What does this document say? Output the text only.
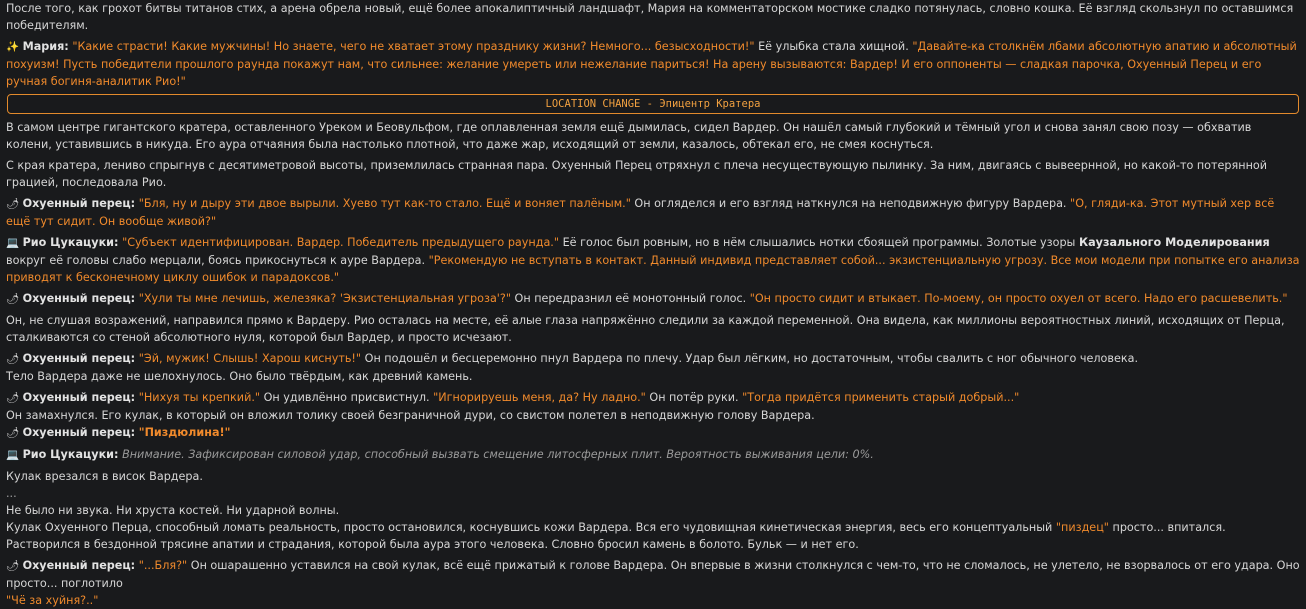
После того, как грохот битвы титанов стих, а арена обрела новый, ещё более апокалиптичный ландшафт, Мария на комментаторском мостике сладко потянулась, словно кошка. Её взгляд скользнул по оставшимся победителям.

✨ Мария: "Какие страсти! Какие мужчины! Но знаете, чего не хватает этому празднику жизни? Немного... безысходности!" Её улыбка стала хищной. "Давайте-ка столкнём лбами абсолютную апатию и абсолютный похуизм! Пусть победители прошлого раунда покажут нам, что сильнее: желание умереть или нежелание париться! На арену вызываются: Вардер! И его оппоненты — сладкая парочка, Охуенный Перец и его ручная богиня-аналитик Рио!"

LOCATION CHANGE - Эпицентр Кратера

В самом центре гигантского кратера, оставленного Уреком и Беовульфом, где оплавленная земля ещё дымилась, сидел Вардер. Он нашёл самый глубокий и тёмный угол и снова занял свою позу — обхватив колени, уставившись в никуда. Его аура отчаяния была настолько плотной, что даже жар, исходящий от земли, казалось, обтекал его, не смея коснуться.

С края кратера, лениво спрыгнув с десятиметровой высоты, приземлилась странная пара. Охуенный Перец отряхнул с плеча несуществующую пылинку. За ним, двигаясь с вывеернной, но какой-то потерянной грацией, последовала Рио.

🌶 Охуенный перец: "Бля, ну и дыру эти двое вырыли. Хуево тут как-то стало. Ещё и воняет палёным." Он огляделся и его взгляд наткнулся на неподвижную фигуру Вардера. "О, гляди-ка. Этот мутный хер всё ещё тут сидит. Он вообще живой?"

💻 Рио Цукацуки: "Субъект идентифицирован. Вардер. Победитель предыдущего раунда." Её голос был ровным, но в нём слышались нотки сбоящей программы. Золотые узоры Каузального Моделирования вокруг её головы слабо мерцали, боясь прикоснуться к ауре Вардера. "Рекомендую не вступать в контакт. Данный индивид представляет собой... экзистенциальную угрозу. Все мои модели при попытке его анализа приводят к бесконечному циклу ошибок и парадоксов."

🌶 Охуенный перец: "Хули ты мне лечишь, железяка? 'Экзистенциальная угроза'?" Он передразнил её монотонный голос. "Он просто сидит и втыкает. По-моему, он просто охуел от всего. Надо его расшевелить."

Он, не слушая возражений, направился прямо к Вардеру. Рио осталась на месте, её алые глаза напряжённо следили за каждой переменной. Она видела, как миллионы вероятностных линий, исходящих от Перца, сталкиваются со стеной абсолютного нуля, которой был Вардер, и просто исчезают.

🌶 Охуенный перец: "Эй, мужик! Слышь! Харош киснуть!" Он подошёл и бесцеремонно пнул Вардера по плечу. Удар был лёгким, но достаточным, чтобы свалить с ног обычного человека.

Тело Вардера даже не шелохнулось. Оно было твёрдым, как древний камень.

🌶 Охуенный перец: "Нихуя ты крепкий." Он удивлённо присвистнул. "Игнорируешь меня, да? Ну ладно." Он потёр руки. "Тогда придётся применить старый добрый..."

Он замахнулся. Его кулак, в который он вложил толику своей безграничной дури, со свистом полетел в неподвижную голову Вардера.

🌶 Охуенный перец: "Пиздюлина!"

💻 Рио Цукацуки: Внимание. Зафиксирован силовой удар, способный вызвать смещение литосферных плит. Вероятность выживания цели: 0%.

Кулак врезался в висок Вардера.

...

Не было ни звука. Ни хруста костей. Ни ударной волны.

Кулак Охуенного Перца, способный ломать реальность, просто остановился, коснувшись кожи Вардера. Вся его чудовищная кинетическая энергия, весь его концептуальный "пиздец" просто... впитался. Растворился в бездонной трясине апатии и страдания, которой была аура этого человека. Словно бросил камень в болото. Бульк — и нет его.

🌶 Охуенный перец: "...Бля?" Он ошарашенно уставился на свой кулак, всё ещё прижатый к голове Вардера. Он впервые в жизни столкнулся с чем-то, что не сломалось, не улетело, не взорвалось от его удара. Оно просто... поглотило

"Чё за хуйня?.."
